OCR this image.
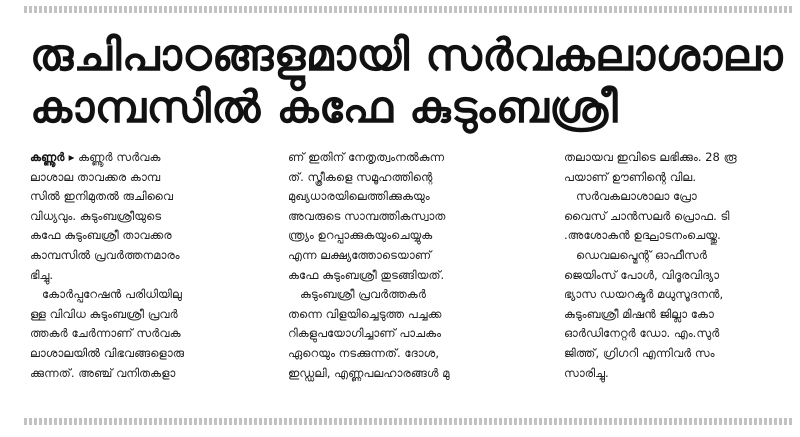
രുചിപാഠങ്ങളുമായി സർവകലാശാലാ
കാമ്പസിൽ കഫേ കുടുംബശ്രീ
കണ്ണൂർ ▸ കണ്ണൂർ സർവക
ലാശാല താവക്കര കാമ്പ
സിൽ ഇനിമുതൽ രുചിവൈ
വിധ്യവും. കുടുംബശ്രീയുടെ
കഫേ കുടുംബശ്രീ താവക്കര
കാമ്പസിൽ പ്രവർത്തനമാരം
ഭിച്ചു.
കോർപ്പറേഷൻ പരിധിയിലു
ള്ള വിവിധ കുടുംബശ്രീ പ്രവർ
ത്തകർ ചേർന്നാണ് സർവക
ലാശാലയിൽ വിഭവങ്ങളൊരു
ക്കുന്നത്. അഞ്ച് വനിതകളാ
ണ് ഇതിന് നേതൃത്വംനൽകുന്ന
ത്. സ്ത്രീകളെ സമൂഹത്തിന്റെ
മുഖ്യധാരയിലെത്തിക്കുകയും
അവരുടെ സാമ്പത്തികസ്വാത
ന്ത്ര്യം ഉറപ്പാക്കുകയുംചെയ്യുക
എന്ന ലക്ഷ്യത്തോടെയാണ്
കഫേ കുടുംബശ്രീ തുടങ്ങിയത്.
കുടുംബശ്രീ പ്രവർത്തകർ
തന്നെ വിളയിച്ചെടുത്ത പച്ചക്ക
റികളുപയോഗിച്ചാണ് പാചകം
ഏറെയും നടക്കുന്നത്. ദോശ,
ഇഡ്ഡലി, എണ്ണപലഹാരങ്ങൾ മു
തലായവ ഇവിടെ ലഭിക്കും. 28 രൂ
പയാണ് ഊണിന്റെ വില.
സർവകലാശാലാ പ്രോ
വൈസ് ചാൻസലർ പ്രൊഫ. ടി
.അശോകൻ ഉദ്ഘാടനംചെയ്തു.
ഡെവലപ്മെന്റ് ഓഫീസർ
ജെയിംസ് പോൾ, വിദൂരവിദ്യാ
ഭ്യാസ ഡയറക്ടർ മധുസൂദനൻ,
കുടുംബശ്രീ മിഷൻ ജില്ലാ കോ
ഓർഡിനേറ്റർ ഡോ. എം.സുർ
ജിത്ത്, ഗ്രിഗറി എന്നിവർ സം
സാരിച്ചു.
